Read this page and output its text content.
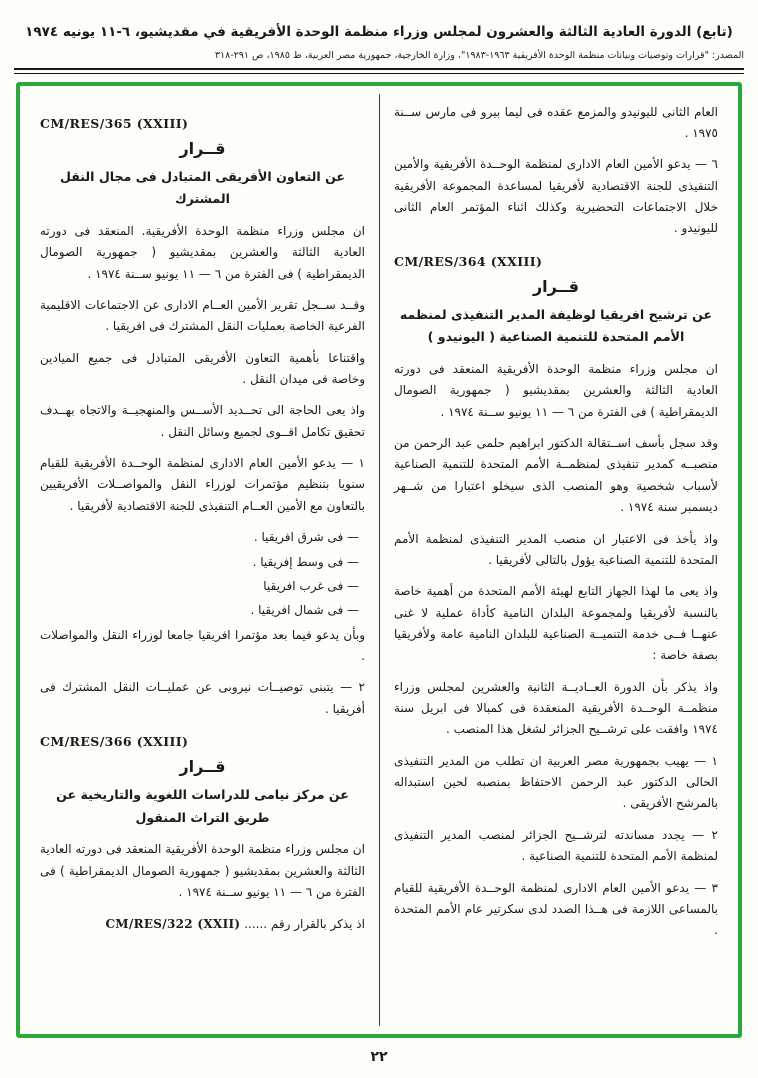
(تابع) الدورة العادية الثالثة والعشرون لمجلس وزراء منظمة الوحدة الأفريقية في مقديشيو، ٦-١١ يونيه ١٩٧٤
المصدر: "قرارات وتوصيات وبيانات منظمة الوحدة الأفريقية ١٩٦٣-١٩٨٣"، وزارة الخارجية، جمهورية مصر العربية، ط ١٩٨٥، ص ٢٩١-٣١٨
العام الثانى لليونيدو والمزمع عقده فى ليما بيرو فى مارس ســنة ١٩٧٥ .
٦ — يدعو الأمين العام الادارى لمنظمة الوحــدة الأفريقية والأمين التنفيذى للجنة الاقتصادية لأفريقيا لمساعدة المجموعة الأفريقية خلال الاجتماعات التحضيرية وكذلك اثناء المؤتمر العام الثانى لليونيدو .
CM/RES/364 (XXIII)
قــرار
عن ترشيح افريقيا لوظيفة المدير التنفيذى لمنظمه الأمم المتحدة للتنمية الصناعية ( اليونيدو )
ان مجلس وزراء منظمة الوحدة الأفريقية المنعقد فى دورته العادية الثالثة والعشرين بمقديشيو ( جمهورية الصومال الديمقراطية ) فى الفترة من ٦ — ١١ يونيو ســنة ١٩٧٤ .
وقد سجل بأسف اســتقالة الدكتور ابراهيم حلمى عبد الرحمن من منصبــه كمدير تنفيذى لمنظمــة الأمم المتحدة للتنمية الصناعية لأسباب شخصية وهو المنصب الذى سيخلو اعتبارا من شــهر ديسمبر سنة ١٩٧٤ .
واذ يأخذ فى الاعتبار ان منصب المدير التنفيذى لمنظمة الأمم المتحدة للتنمية الصناعية يؤول بالتالى لأفريقيا .
واذ يعى ما لهذا الجهاز التابع لهيئة الأمم المتحدة من أهمية خاصة بالنسبة لأفريقيا ولمجموعة البلدان النامية كأداة عملية لا غنى عنهــا فــى خدمة التنميــة الصناعية للبلدان النامية عامة ولأفريقيا بصفة خاصة :
واذ يذكر بأن الدورة العــاديــة الثانية والعشرين لمجلس وزراء منظمــة الوحــدة الأفريقية المنعقدة فى كمبالا فى ابريل سنة ١٩٧٤ وافقت على ترشــيح الجزائر لشغل هذا المنصب .
١ — يهيب بجمهورية مصر العربية ان تطلب من المدير التنفيذى الحالى الدكتور عبد الرحمن الاحتفاظ بمنصبه لحين استبداله بالمرشح الأفريقى .
٢ — يجدد مساندته لترشــيح الجزائر لمنصب المدير التنفيذى لمنظمة الأمم المتحدة للتنمية الصناعية .
٣ — يدعو الأمين العام الادارى لمنظمة الوحــدة الأفريقية للقيام بالمساعى اللازمة فى هــذا الصدد لدى سكرتير عام الأمم المتحدة .
CM/RES/365 (XXIII)
قــرار
عن التعاون الأفريقى المتبادل فى مجال النقل المشترك
ان مجلس وزراء منظمة الوحدة الأفريقية. المنعقد فى دورته العادية الثالثة والعشرين بمقديشيو ( جمهورية الصومال الديمقراطية ) فى الفترة من ٦ — ١١ يونيو ســنة ١٩٧٤ .
وقــد ســجل تقرير الأمين العــام الادارى عن الاجتماعات الاقليمية الفرعية الخاصة بعمليات النقل المشترك فى افريقيا .
واقتناعا بأهمية التعاون الأفريقى المتبادل فى جميع الميادين وخاصة فى ميدان النقل .
واذ يعى الحاجة الى تحــديد الأســس والمنهجيــة والاتجاه بهــدف تحقيق تكامل اقــوى لجميع وسائل النقل .
١ — يدعو الأمين العام الادارى لمنظمة الوحــدة الأفريقية للقيام سنويا بتنظيم مؤتمرات لوزراء النقل والمواصــلات الأفريقيين بالتعاون مع الأمين العــام التنفيذى للجنة الاقتصادية لأفريقيا .
— فى شرق افريقيا .
— فى وسط إفريقيا .
— فى غرب افريقيا
— فى شمال افريقيا .
وبأن يدعو فيما بعد مؤتمرا افريقيا جامعا لوزراء النقل والمواصلات .
٢ — يتبنى توصيــات نيروبى عن عمليــات النقل المشترك فى أفريقيا .
CM/RES/366 (XXIII)
قــرار
عن مركز نيامى للدراسات اللغوية والتاريخية عن طريق التراث المنقول
ان مجلس وزراء منظمة الوحدة الأفريقية المنعقد فى دورته العادية الثالثة والعشرين بمقديشيو ( جمهورية الصومال الديمقراطية ) فى الفترة من ٦ — ١١ يونيو ســنة ١٩٧٤ .
اذ يذكر بالقرار رقم ...... CM/RES/322 (XXII)
٢٢
